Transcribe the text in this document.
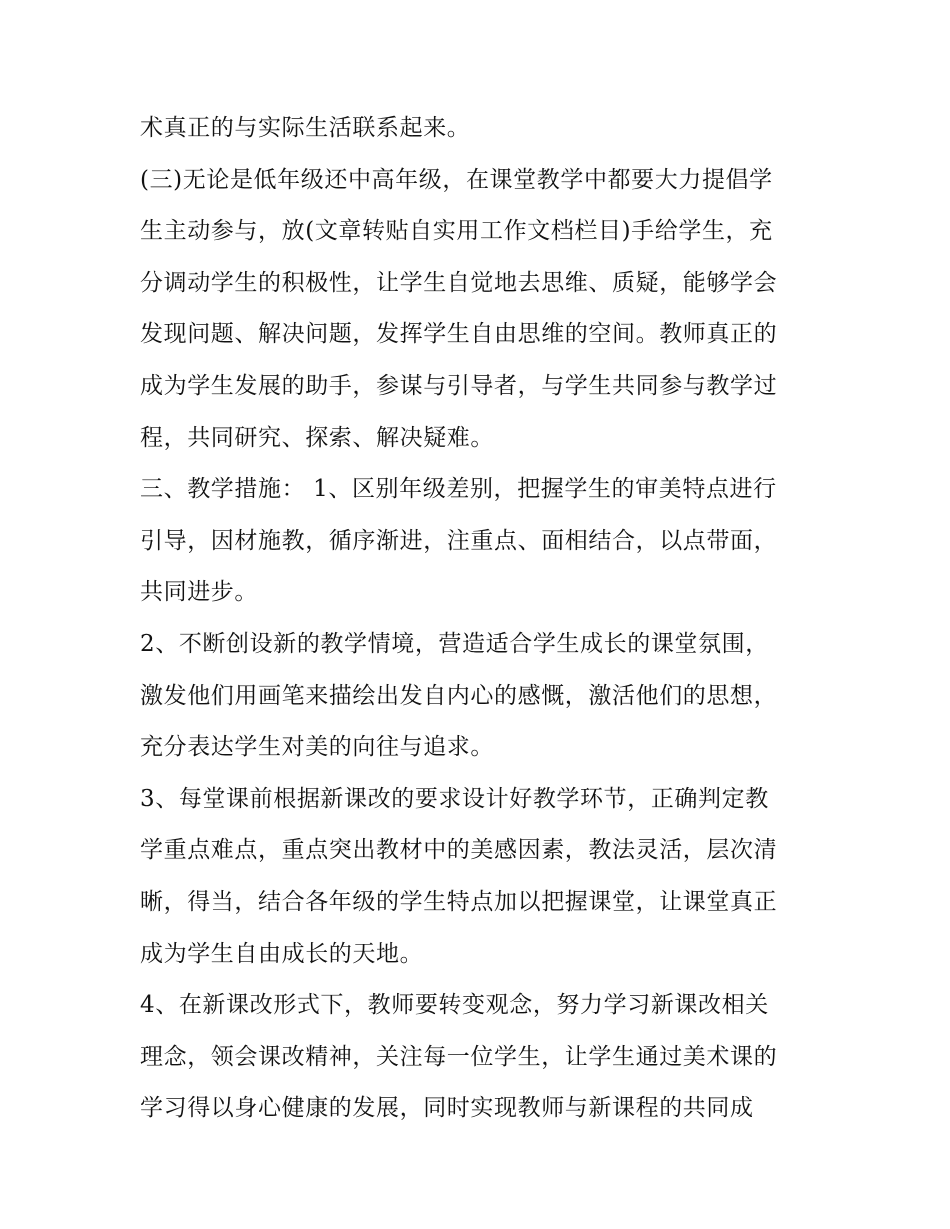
术真正的与实际生活联系起来。
(三)无论是低年级还中高年级，在课堂教学中都要大力提倡学
生主动参与，放(文章转贴自实用工作文档栏目)手给学生，充
分调动学生的积极性，让学生自觉地去思维、质疑，能够学会
发现问题、解决问题，发挥学生自由思维的空间。教师真正的
成为学生发展的助手，参谋与引导者，与学生共同参与教学过
程，共同研究、探索、解决疑难。
三、教学措施： 1、区别年级差别，把握学生的审美特点进行
引导，因材施教，循序渐进，注重点、面相结合，以点带面，
共同进步。
2、不断创设新的教学情境，营造适合学生成长的课堂氛围，
激发他们用画笔来描绘出发自内心的感慨，激活他们的思想，
充分表达学生对美的向往与追求。
3、每堂课前根据新课改的要求设计好教学环节，正确判定教
学重点难点，重点突出教材中的美感因素，教法灵活，层次清
晰，得当，结合各年级的学生特点加以把握课堂，让课堂真正
成为学生自由成长的天地。
4、在新课改形式下，教师要转变观念，努力学习新课改相关
理念，领会课改精神，关注每一位学生，让学生通过美术课的
学习得以身心健康的发展，同时实现教师与新课程的共同成
